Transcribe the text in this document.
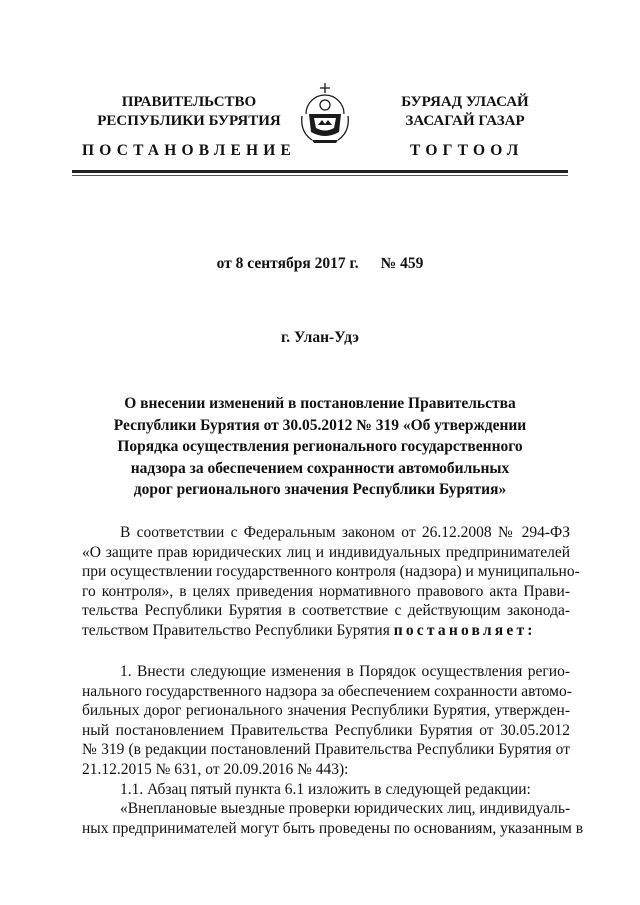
ПРАВИТЕЛЬСТВО
РЕСПУБЛИКИ БУРЯТИЯ
БУРЯАД УЛАСАЙ
ЗАСАГАЙ ГАЗАР
ПОСТАНОВЛЕНИЕ	ТОГТООЛ
от 8 сентября 2017 г. № 459
г. Улан-Удэ
О внесении изменений в постановление Правительства
Республики Бурятия от 30.05.2012 № 319 «Об утверждении
Порядка осуществления регионального государственного
надзора за обеспечением сохранности автомобильных
дорог регионального значения Республики Бурятия»
В соответствии с Федеральным законом от 26.12.2008 № 294-ФЗ
«О защите прав юридических лиц и индивидуальных предпринимателей
при осуществлении государственного контроля (надзора) и муниципально-
го контроля», в целях приведения нормативного правового акта Прави-
тельства Республики Бурятия в соответствие с действующим законода-
тельством Правительство Республики Бурятия постановляет:
1. Внести следующие изменения в Порядок осуществления регио-
нального государственного надзора за обеспечением сохранности автомо-
бильных дорог регионального значения Республики Бурятия, утвержден-
ный постановлением Правительства Республики Бурятия от 30.05.2012
№ 319 (в редакции постановлений Правительства Республики Бурятия от
21.12.2015 № 631, от 20.09.2016 № 443):
1.1. Абзац пятый пункта 6.1 изложить в следующей редакции:
«Внеплановые выездные проверки юридических лиц, индивидуаль-
ных предпринимателей могут быть проведены по основаниям, указанным в
